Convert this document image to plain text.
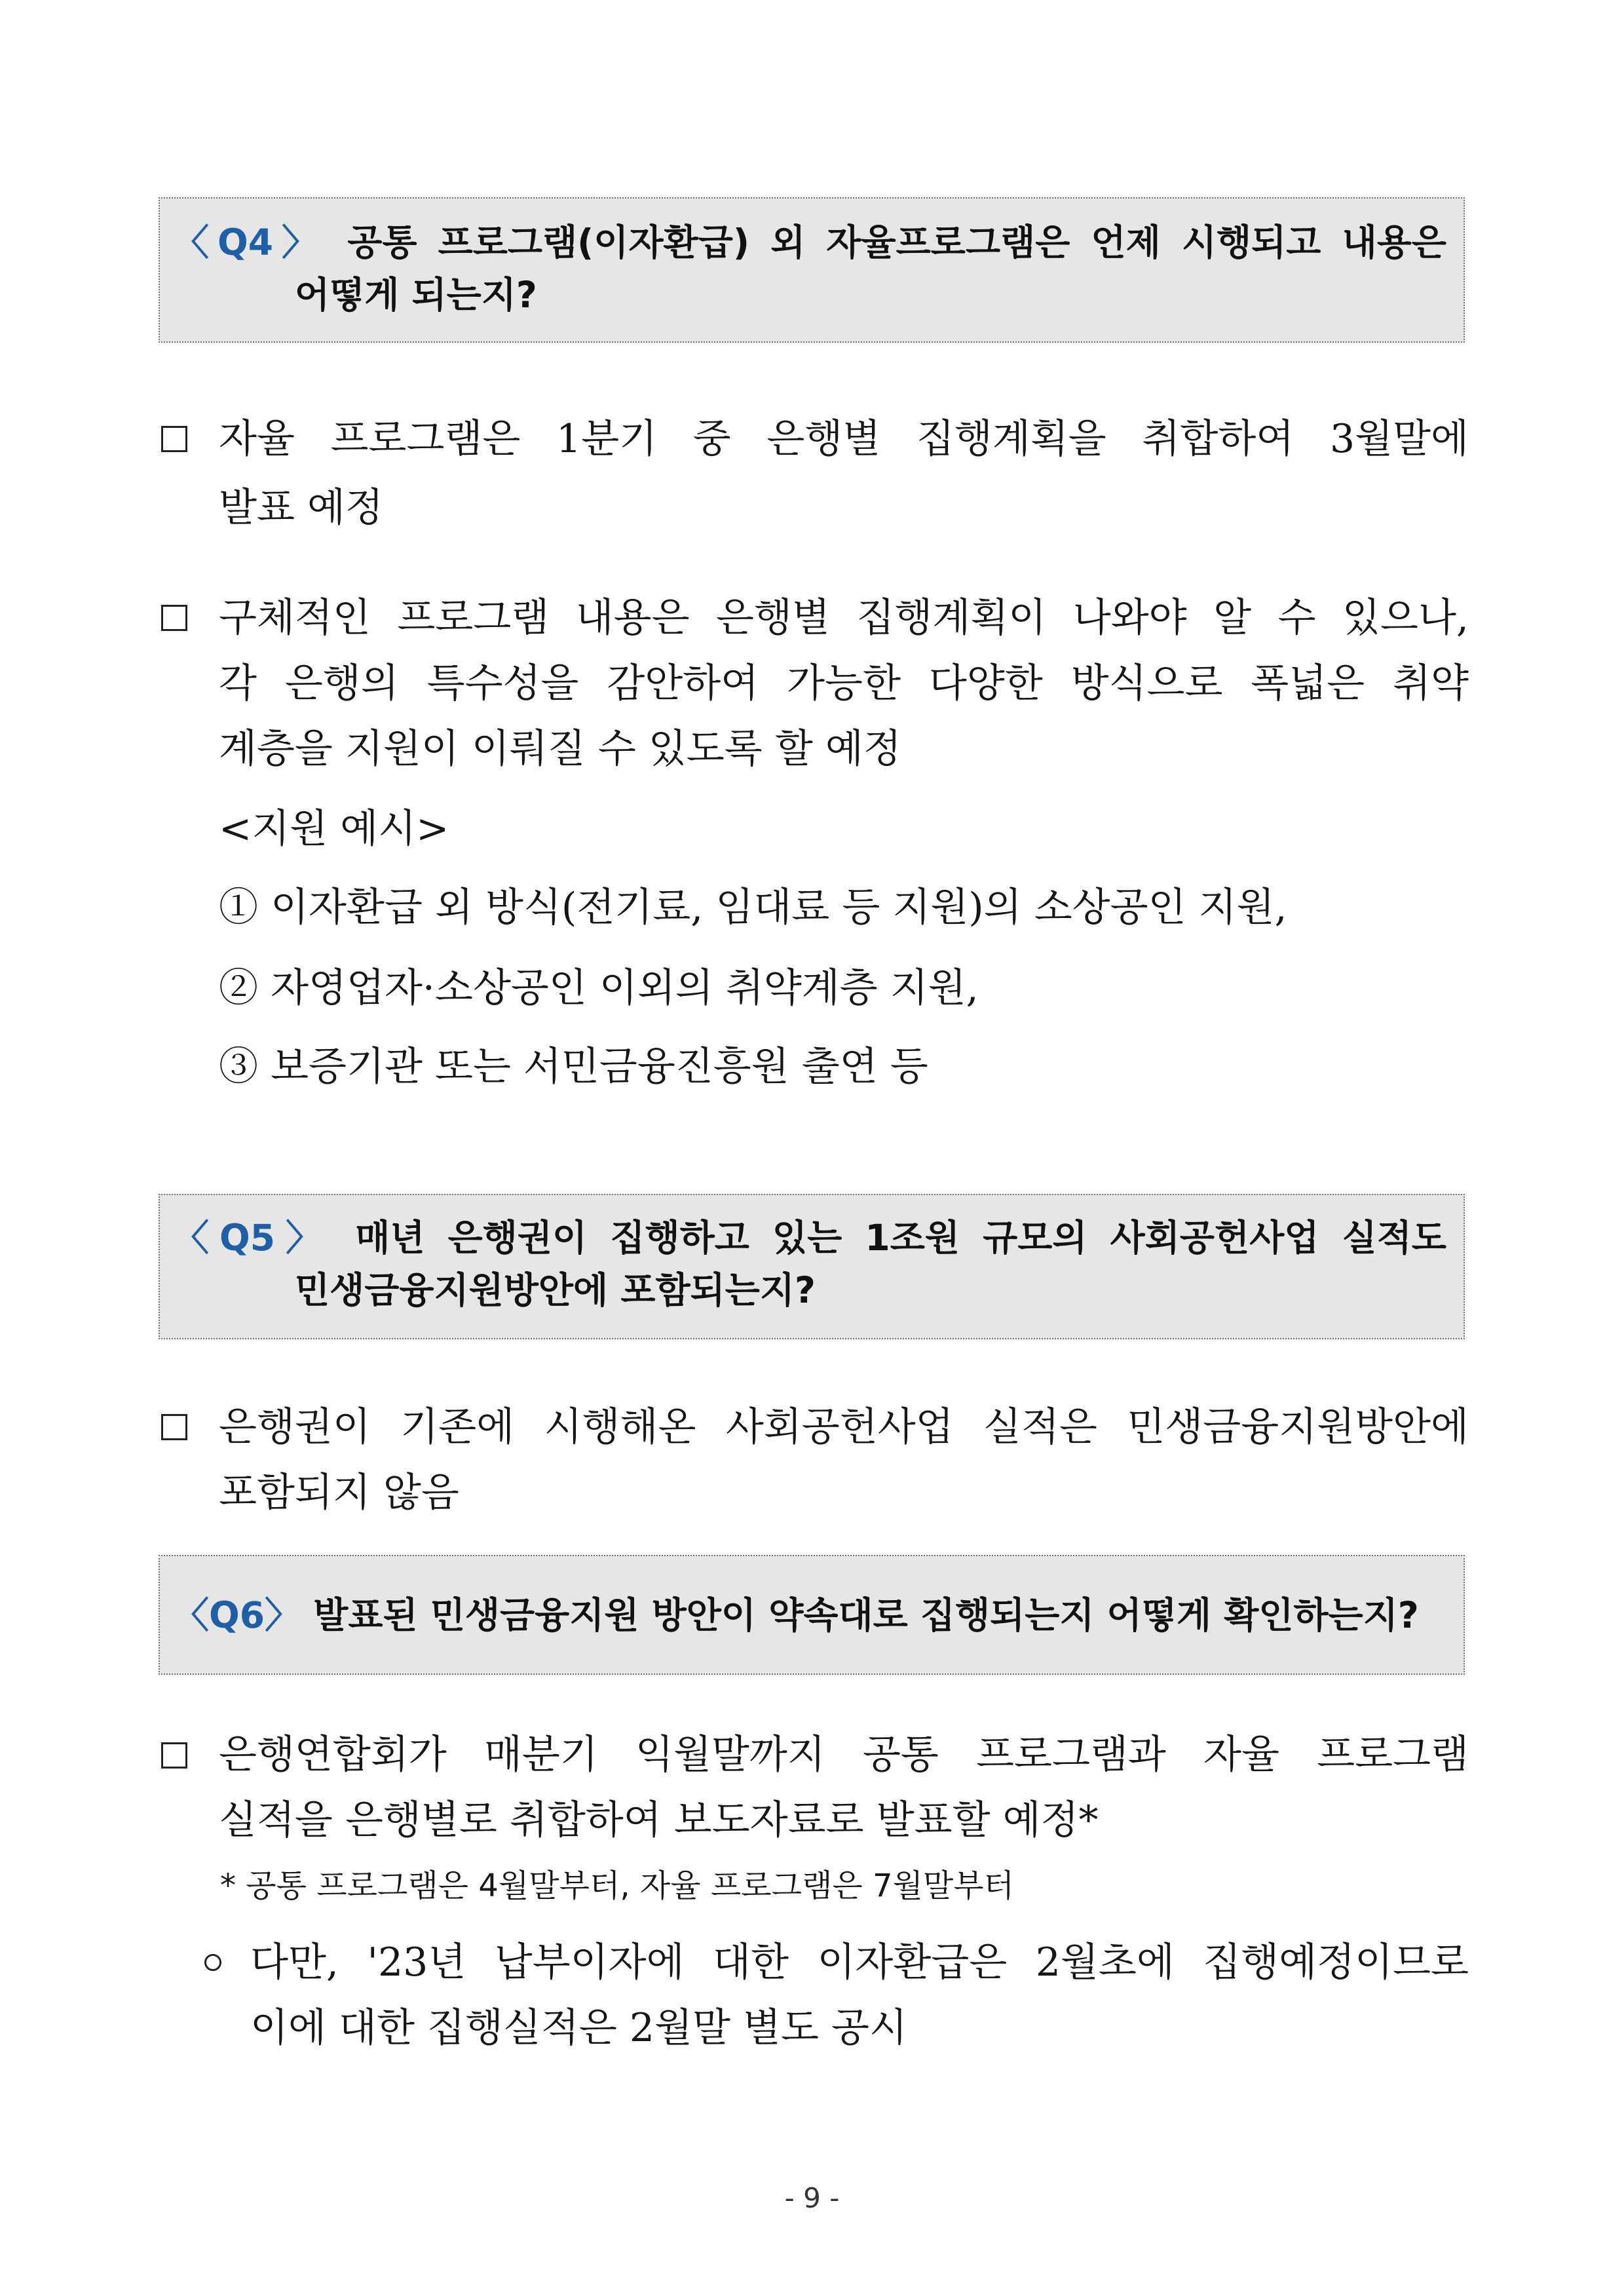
〈Q4〉 공통 프로그램(이자환급) 외 자율프로그램은 언제 시행되고 내용은
어떻게 되는지?
자율 프로그램은 1분기 중 은행별 집행계획을 취합하여 3월말에
발표 예정
구체적인 프로그램 내용은 은행별 집행계획이 나와야 알 수 있으나,
각 은행의 특수성을 감안하여 가능한 다양한 방식으로 폭넓은 취약
계층을 지원이 이뤄질 수 있도록 할 예정
<지원 예시>
① 이자환급 외 방식(전기료, 임대료 등 지원)의 소상공인 지원,
② 자영업자·소상공인 이외의 취약계층 지원,
③ 보증기관 또는 서민금융진흥원 출연 등
〈Q5〉 매년 은행권이 집행하고 있는 1조원 규모의 사회공헌사업 실적도
민생금융지원방안에 포함되는지?
은행권이 기존에 시행해온 사회공헌사업 실적은 민생금융지원방안에
포함되지 않음
〈Q6〉 발표된 민생금융지원 방안이 약속대로 집행되는지 어떻게 확인하는지?
은행연합회가 매분기 익월말까지 공통 프로그램과 자율 프로그램
실적을 은행별로 취합하여 보도자료로 발표할 예정*
* 공통 프로그램은 4월말부터, 자율 프로그램은 7월말부터
다만, '23년 납부이자에 대한 이자환급은 2월초에 집행예정이므로
이에 대한 집행실적은 2월말 별도 공시
- 9 -
